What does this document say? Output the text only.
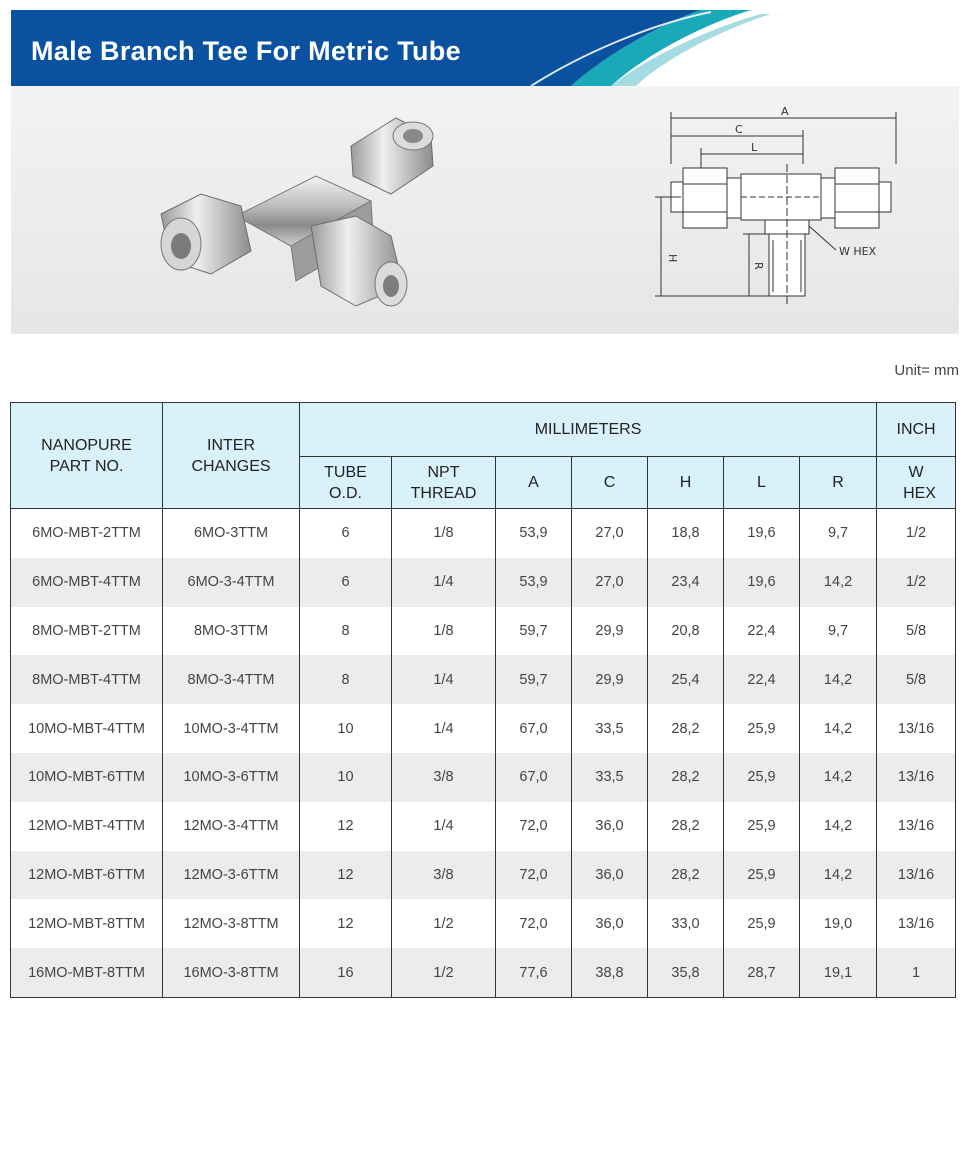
Male Branch Tee For Metric Tube
A
C
L
W HEX
H
R
Unit= mm
NANOPURE PART NO.	INTER CHANGES	MILLIMETERS							INCH
		TUBE O.D.	NPT THREAD	A	C	H	L	R	W HEX
6MO-MBT-2TTM	6MO-3TTM	6	1/8	53,9	27,0	18,8	19,6	9,7	1/2
6MO-MBT-4TTM	6MO-3-4TTM	6	1/4	53,9	27,0	23,4	19,6	14,2	1/2
8MO-MBT-2TTM	8MO-3TTM	8	1/8	59,7	29,9	20,8	22,4	9,7	5/8
8MO-MBT-4TTM	8MO-3-4TTM	8	1/4	59,7	29,9	25,4	22,4	14,2	5/8
10MO-MBT-4TTM	10MO-3-4TTM	10	1/4	67,0	33,5	28,2	25,9	14,2	13/16
10MO-MBT-6TTM	10MO-3-6TTM	10	3/8	67,0	33,5	28,2	25,9	14,2	13/16
12MO-MBT-4TTM	12MO-3-4TTM	12	1/4	72,0	36,0	28,2	25,9	14,2	13/16
12MO-MBT-6TTM	12MO-3-6TTM	12	3/8	72,0	36,0	28,2	25,9	14,2	13/16
12MO-MBT-8TTM	12MO-3-8TTM	12	1/2	72,0	36,0	33,0	25,9	19,0	13/16
16MO-MBT-8TTM	16MO-3-8TTM	16	1/2	77,6	38,8	35,8	28,7	19,1	1
